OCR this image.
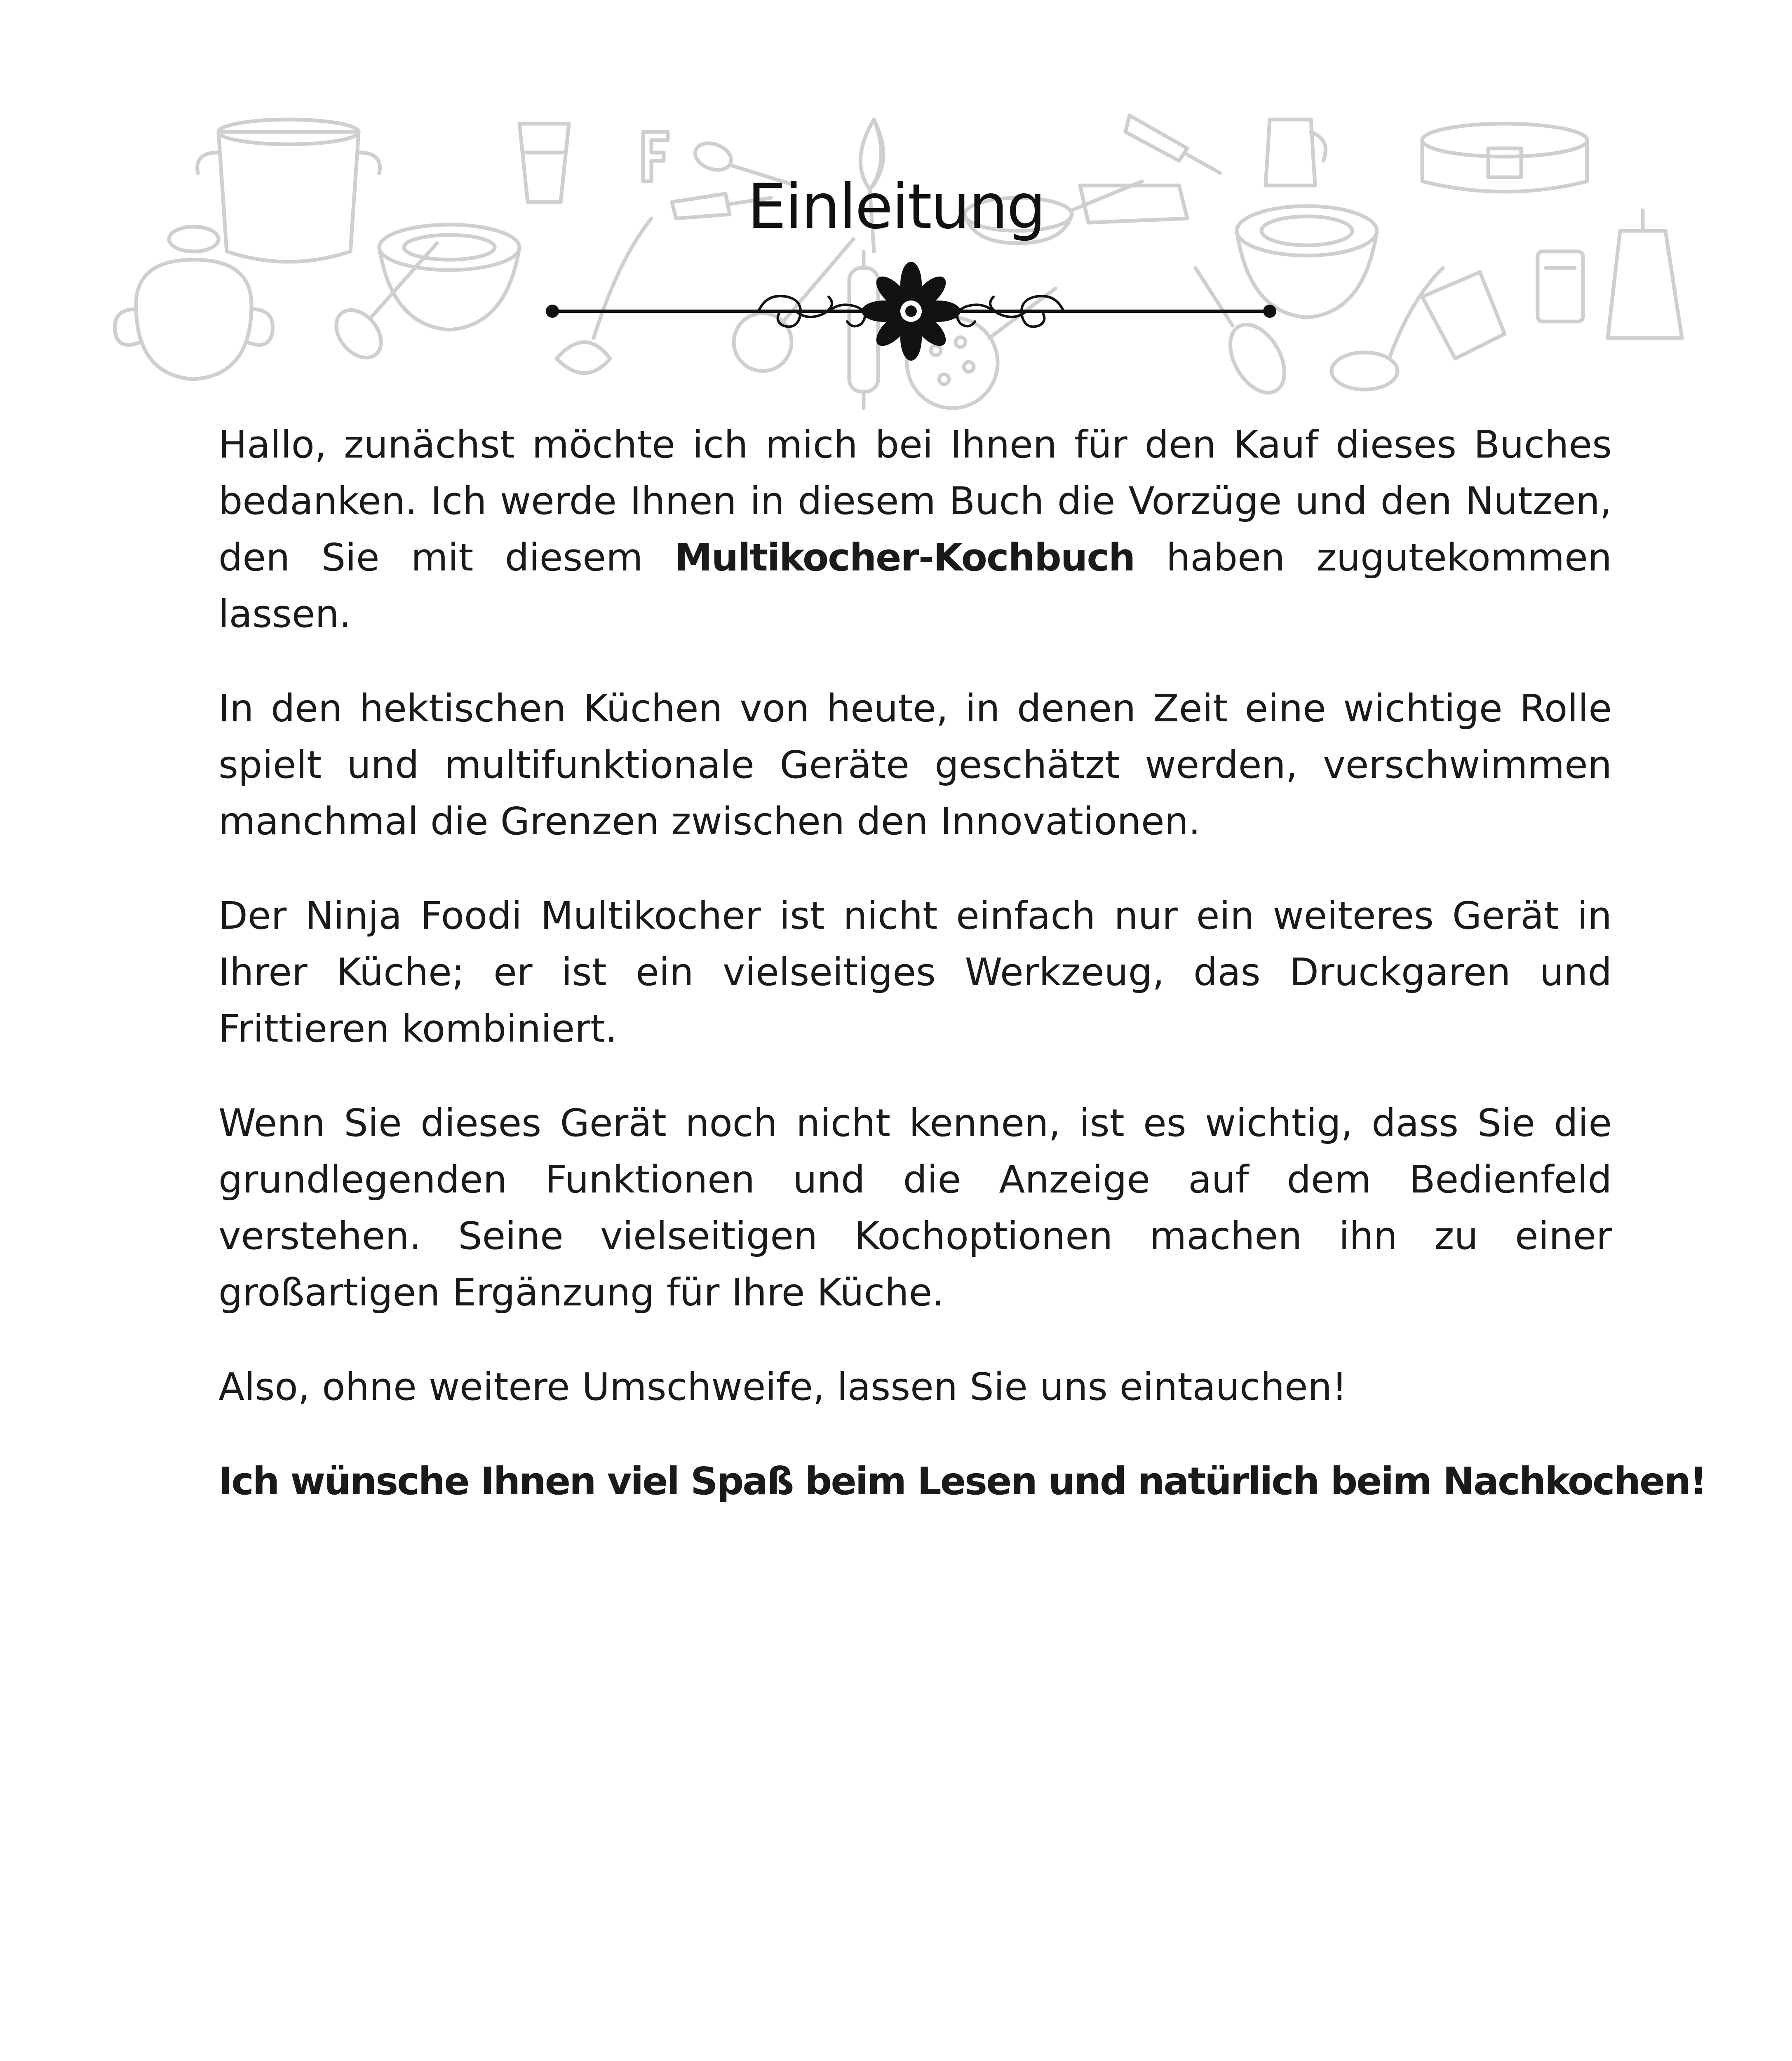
Einleitung

Hallo, zunächst möchte ich mich bei Ihnen für den Kauf dieses Buches bedanken. Ich werde Ihnen in diesem Buch die Vorzüge und den Nutzen, den Sie mit diesem Multikocher-Kochbuch haben zugutekommen lassen.

In den hektischen Küchen von heute, in denen Zeit eine wichtige Rolle spielt und multifunktionale Geräte geschätzt werden, verschwimmen manchmal die Grenzen zwischen den Innovationen.

Der Ninja Foodi Multikocher ist nicht einfach nur ein weiteres Gerät in Ihrer Küche; er ist ein vielseitiges Werkzeug, das Druckgaren und Frittieren kombiniert.

Wenn Sie dieses Gerät noch nicht kennen, ist es wichtig, dass Sie die grundlegenden Funktionen und die Anzeige auf dem Bedienfeld verstehen. Seine vielseitigen Kochoptionen machen ihn zu einer großartigen Ergänzung für Ihre Küche.

Also, ohne weitere Umschweife, lassen Sie uns eintauchen!

Ich wünsche Ihnen viel Spaß beim Lesen und natürlich beim Nachkochen!
